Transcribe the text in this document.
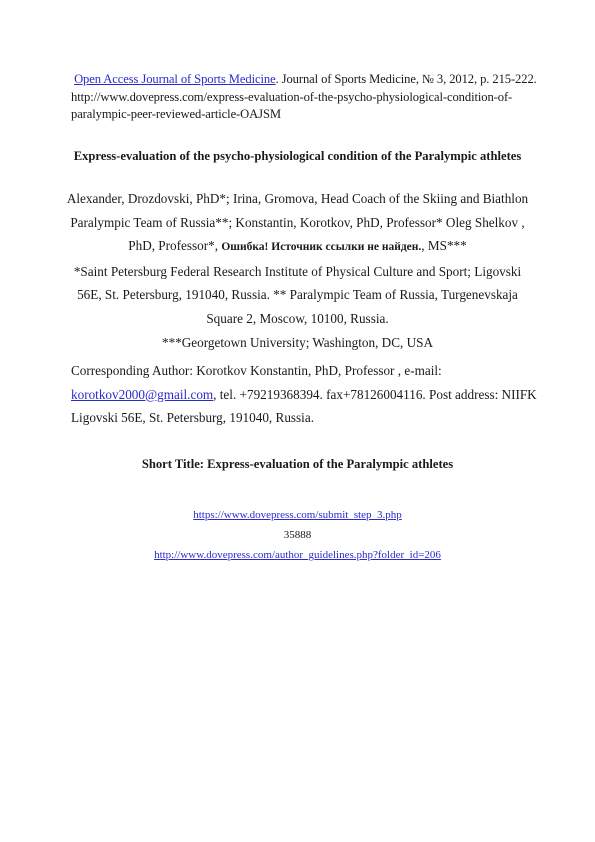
Open Access Journal of Sports Medicine. Journal of Sports Medicine, № 3, 2012, p. 215-222. http://www.dovepress.com/express-evaluation-of-the-psycho-physiological-condition-of-paralympic-peer-reviewed-article-OAJSM
Express-evaluation of the psycho-physiological condition of the Paralympic athletes
Alexander, Drozdovski, PhD*; Irina, Gromova, Head Coach of the Skiing and Biathlon Paralympic Team of Russia**; Konstantin, Korotkov, PhD, Professor* Oleg Shelkov , PhD, Professor*, Ошибка! Источник ссылки не найден., MS***
*Saint Petersburg Federal Research Institute of Physical Culture and Sport; Ligovski 56E, St. Petersburg, 191040, Russia. ** Paralympic Team of Russia, Turgenevskaja Square 2, Moscow, 10100, Russia.
***Georgetown University; Washington, DC, USA
Corresponding Author: Korotkov Konstantin, PhD, Professor , e-mail: korotkov2000@gmail.com, tel. +79219368394. fax+78126004116. Post address: NIIFK Ligovski 56E, St. Petersburg, 191040, Russia.
Short Title: Express-evaluation of the Paralympic athletes
https://www.dovepress.com/submit_step_3.php
35888
http://www.dovepress.com/author_guidelines.php?folder_id=206
